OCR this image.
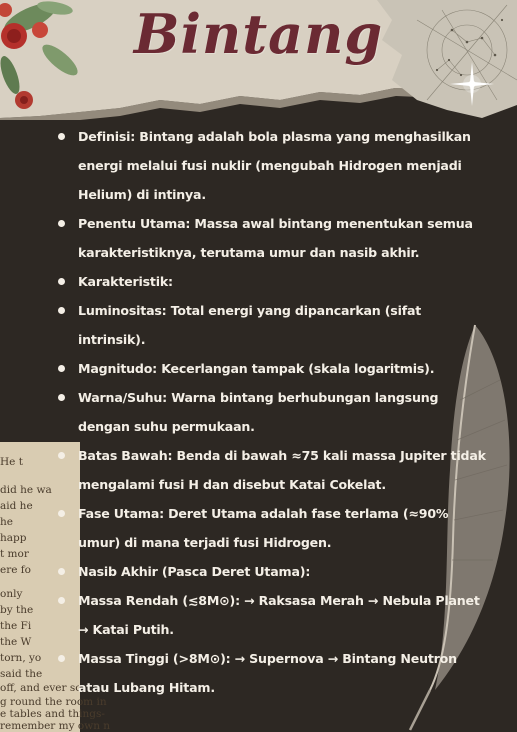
Bintang
He t
did he wa
aid he
he
happ
t mor
ere fo
only
by the
the Fi
the W
torn, yo
said the
off, and ever so
g round the room in
e tables and things-
remember my own n
Definisi: Bintang adalah bola plasma yang menghasilkan energi melalui fusi nuklir (mengubah Hidrogen menjadi Helium) di intinya.
Penentu Utama: Massa awal bintang menentukan semua karakteristiknya, terutama umur dan nasib akhir.
Karakteristik:
Luminositas: Total energi yang dipancarkan (sifat intrinsik).
Magnitudo: Kecerlangan tampak (skala logaritmis).
Warna/Suhu: Warna bintang berhubungan langsung dengan suhu permukaan.
Batas Bawah: Benda di bawah ≈75 kali massa Jupiter tidak mengalami fusi H dan disebut Katai Cokelat.
Fase Utama: Deret Utama adalah fase terlama (≈90% umur) di mana terjadi fusi Hidrogen.
Nasib Akhir (Pasca Deret Utama):
Massa Rendah (≲8M⊙): → Raksasa Merah → Nebula Planet → Katai Putih.
Massa Tinggi (>8M⊙): → Supernova → Bintang Neutron atau Lubang Hitam.
